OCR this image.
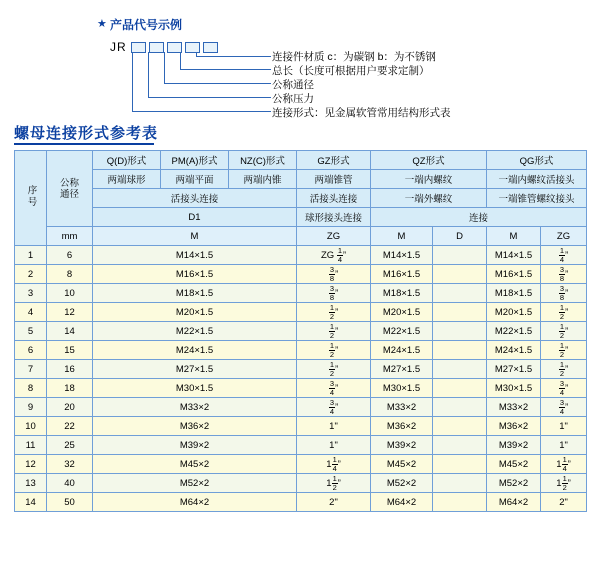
★ 产品代号示例
JR
连接件材质 c：为碳钢 b：为不锈钢
总长（长度可根据用户要求定制）
公称通径
公称压力
连接形式：见金属软管常用结构形式表
螺母连接形式参考表
序号	公称通径	Q(D)形式	PM(A)形式	NZ(C)形式	GZ形式	QZ形式		QG形式	
		两端球形	两端平面	两端内锥	两端锥管	一端内螺纹		一端内螺纹活接头	
		活接头连接			活接头连接	一端外螺纹		一端锥管螺纹接头	
		D1			球形接头连接	连接			
	mm	M			ZG	M	D	M	ZG
1	6	M14×1.5			ZG $\frac{1}{4}$ ”	M14×1.5		M14×1.5	$\frac{1}{4}$ ”
2	8	M16×1.5			$\frac{3}{8}$ ”	M16×1.5		M16×1.5	$\frac{3}{8}$ ”
3	10	M18×1.5			$\frac{3}{8}$ ”	M18×1.5		M18×1.5	$\frac{3}{8}$ ”
4	12	M20×1.5			$\frac{1}{2}$ ”	M20×1.5		M20×1.5	$\frac{1}{2}$ ”
5	14	M22×1.5			$\frac{1}{2}$ ”	M22×1.5		M22×1.5	$\frac{1}{2}$ ”
6	15	M24×1.5			$\frac{1}{2}$ ”	M24×1.5		M24×1.5	$\frac{1}{2}$ ”
7	16	M27×1.5			$\frac{1}{2}$ ”	M27×1.5		M27×1.5	$\frac{1}{2}$ ”
8	18	M30×1.5			$\frac{3}{4}$ ”	M30×1.5		M30×1.5	$\frac{3}{4}$ ”
9	20	M33×2			$\frac{3}{4}$ ”	M33×2		M33×2	$\frac{3}{4}$ ”
10	22	M36×2			1"	M36×2		M36×2	1"
11	25	M39×2			1"	M39×2		M39×2	1"
12	32	M45×2			$1 \frac{1}{4}$ ”	M45×2		M45×2	$1 \frac{1}{4}$ ”
13	40	M52×2			$1 \frac{1}{2}$ ”	M52×2		M52×2	$1 \frac{1}{2}$ ”
14	50	M64×2			2"	M64×2		M64×2	2"
